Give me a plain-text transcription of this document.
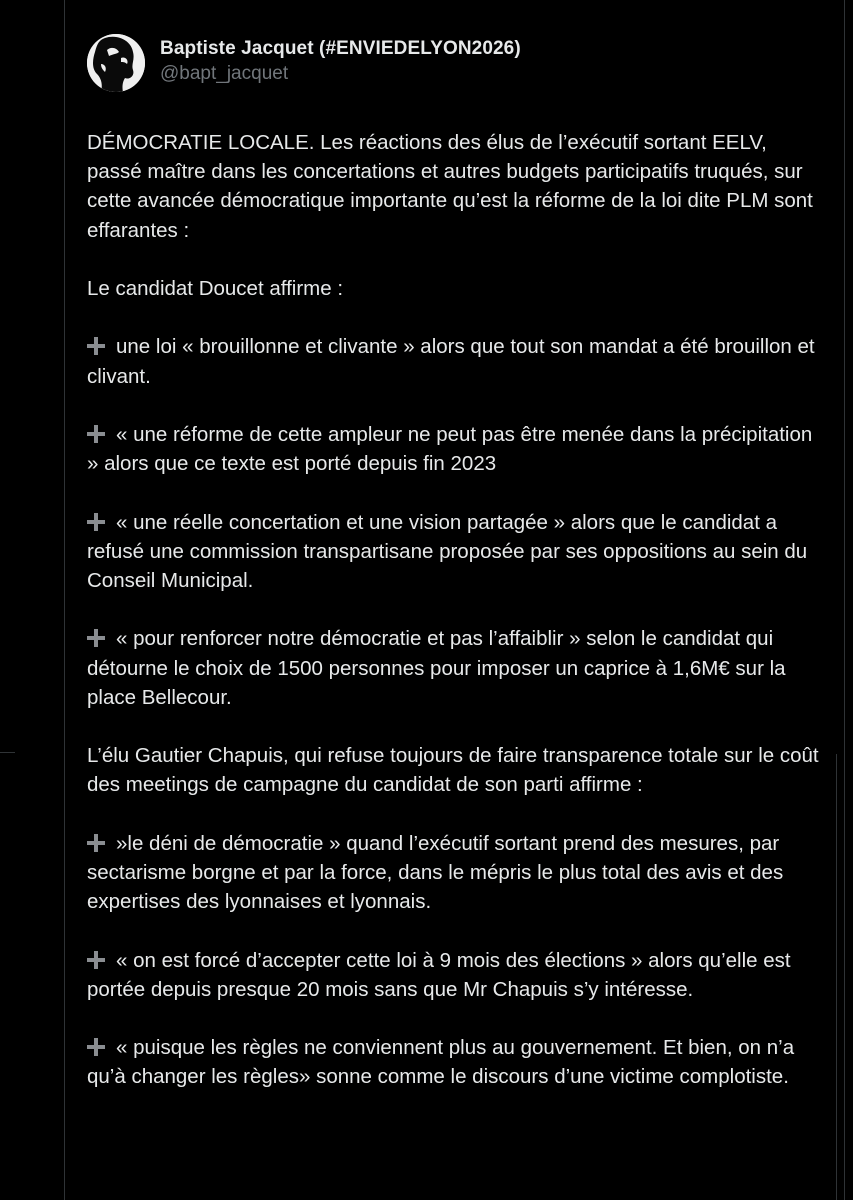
Baptiste Jacquet (#ENVIEDELYON2026)
@bapt_jacquet

DÉMOCRATIE LOCALE. Les réactions des élus de l’exécutif sortant EELV, passé maître dans les concertations et autres budgets participatifs truqués, sur cette avancée démocratique importante qu’est la réforme de la loi dite PLM sont effarantes :

Le candidat Doucet affirme :

une loi « brouillonne et clivante » alors que tout son mandat a été brouillon et clivant.

« une réforme de cette ampleur ne peut pas être menée dans la précipitation » alors que ce texte est porté depuis fin 2023

« une réelle concertation et une vision partagée » alors que le candidat a refusé une commission transpartisane proposée par ses oppositions au sein du Conseil Municipal.

« pour renforcer notre démocratie et pas l’affaiblir » selon le candidat qui détourne le choix de 1500 personnes pour imposer un caprice à 1,6M€ sur la place Bellecour.

L’élu Gautier Chapuis, qui refuse toujours de faire transparence totale sur le coût des meetings de campagne du candidat de son parti affirme :

»le déni de démocratie » quand l’exécutif sortant prend des mesures, par sectarisme borgne et par la force, dans le mépris le plus total des avis et des expertises des lyonnaises et lyonnais.

« on est forcé d’accepter cette loi à 9 mois des élections » alors qu’elle est portée depuis presque 20 mois sans que Mr Chapuis s’y intéresse.

« puisque les règles ne conviennent plus au gouvernement. Et bien, on n’a qu’à changer les règles» sonne comme le discours d’une victime complotiste.
